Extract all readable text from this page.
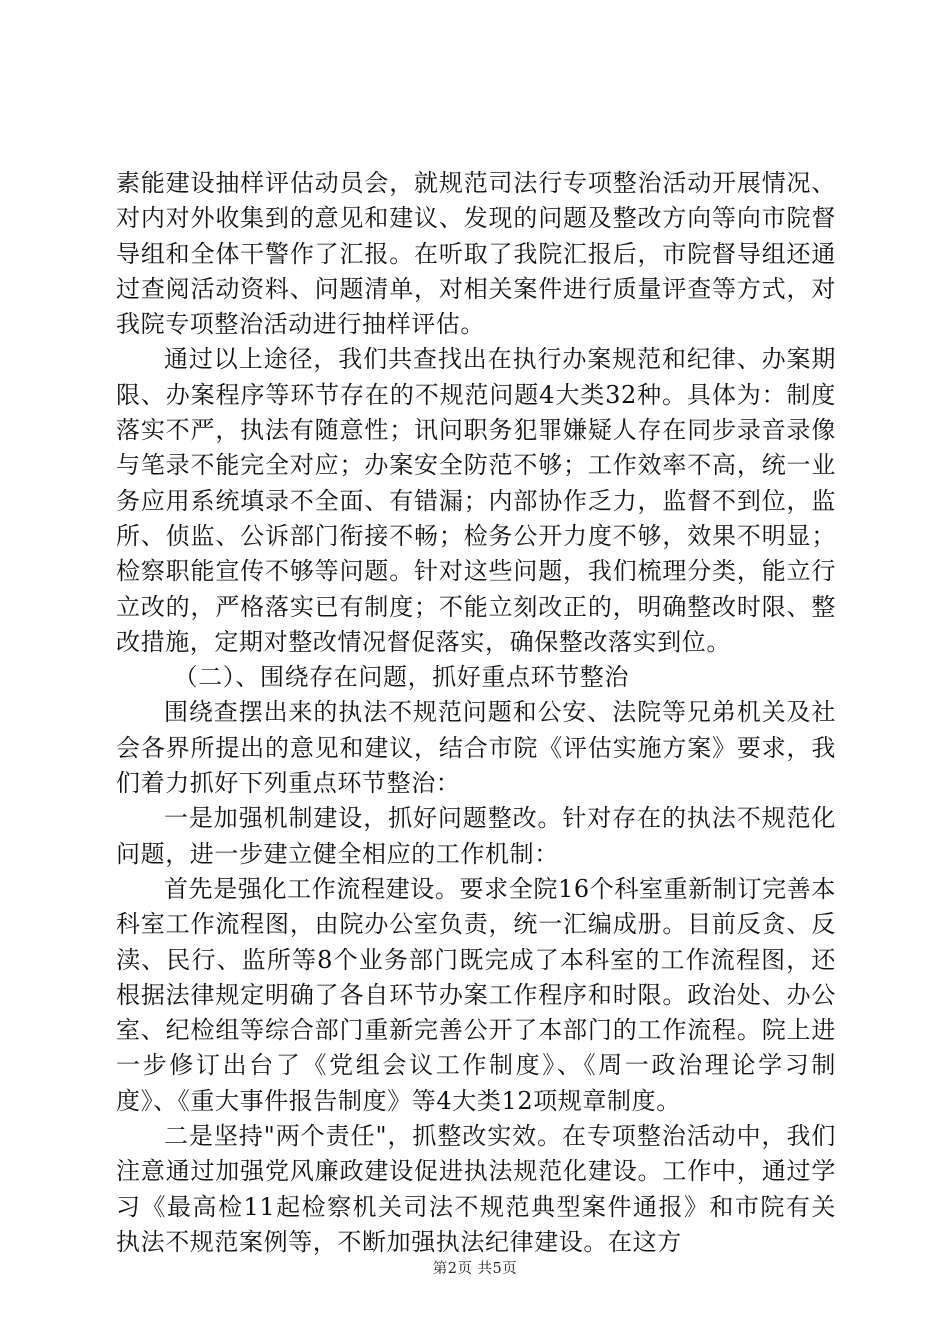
素能建设抽样评估动员会，就规范司法行专项整治活动开展情况、对内对外收集到的意见和建议、发现的问题及整改方向等向市院督导组和全体干警作了汇报。在听取了我院汇报后，市院督导组还通过查阅活动资料、问题清单，对相关案件进行质量评查等方式，对我院专项整治活动进行抽样评估。

通过以上途径，我们共查找出在执行办案规范和纪律、办案期限、办案程序等环节存在的不规范问题4大类32种。具体为：制度落实不严，执法有随意性；讯问职务犯罪嫌疑人存在同步录音录像与笔录不能完全对应；办案安全防范不够；工作效率不高，统一业务应用系统填录不全面、有错漏；内部协作乏力，监督不到位，监所、侦监、公诉部门衔接不畅；检务公开力度不够，效果不明显；检察职能宣传不够等问题。针对这些问题，我们梳理分类，能立行立改的，严格落实已有制度；不能立刻改正的，明确整改时限、整改措施，定期对整改情况督促落实，确保整改落实到位。

（二）、围绕存在问题，抓好重点环节整治

围绕查摆出来的执法不规范问题和公安、法院等兄弟机关及社会各界所提出的意见和建议，结合市院《评估实施方案》要求，我们着力抓好下列重点环节整治：

一是加强机制建设，抓好问题整改。针对存在的执法不规范化问题，进一步建立健全相应的工作机制：

首先是强化工作流程建设。要求全院16个科室重新制订完善本科室工作流程图，由院办公室负责，统一汇编成册。目前反贪、反渎、民行、监所等8个业务部门既完成了本科室的工作流程图，还根据法律规定明确了各自环节办案工作程序和时限。政治处、办公室、纪检组等综合部门重新完善公开了本部门的工作流程。院上进一步修订出台了《党组会议工作制度》、《周一政治理论学习制度》、《重大事件报告制度》等4大类12项规章制度。

二是坚持"两个责任"，抓整改实效。在专项整治活动中，我们注意通过加强党风廉政建设促进执法规范化建设。工作中，通过学习《最高检11起检察机关司法不规范典型案件通报》和市院有关执法不规范案例等，不断加强执法纪律建设。在这方

第2页 共5页
